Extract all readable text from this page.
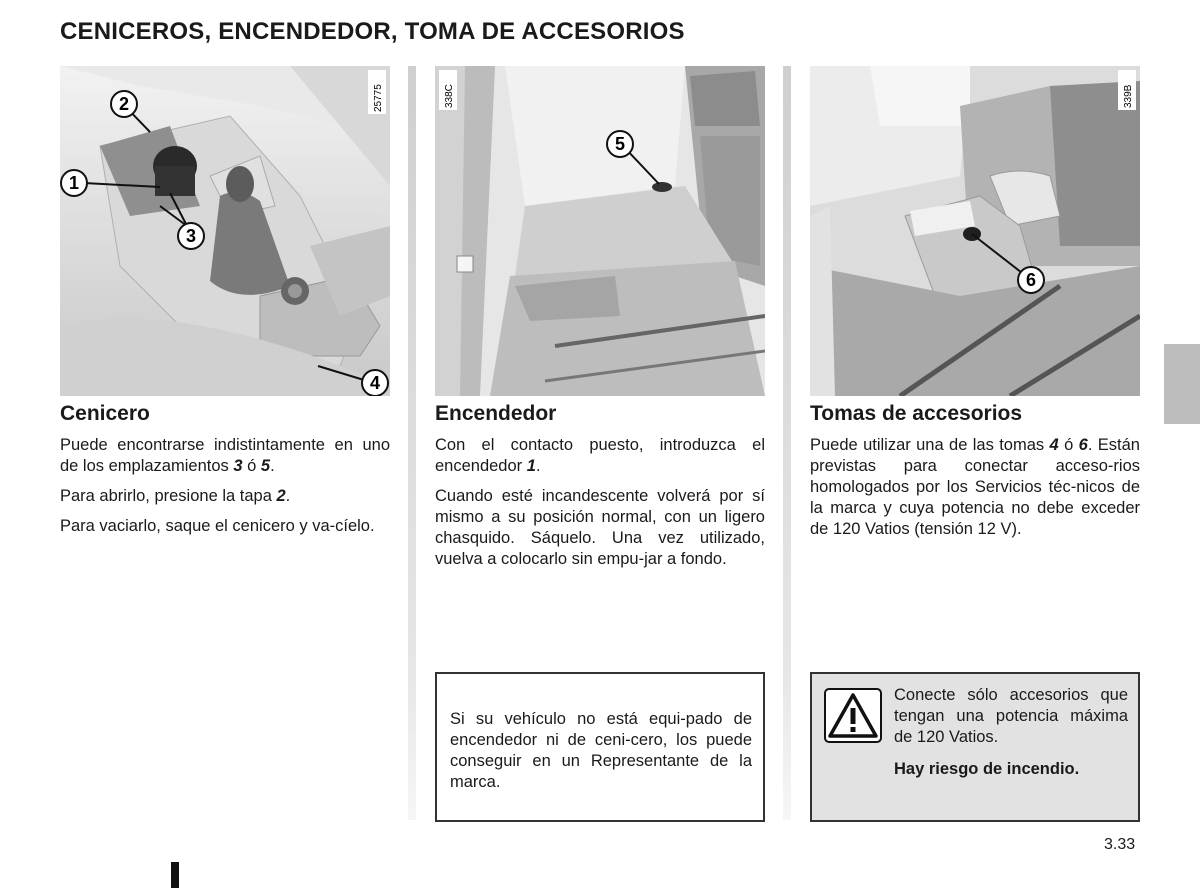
CENICEROS, ENCENDEDOR, TOMA DE ACCESORIOS
2
1
3
4
25775
5
338C
6
339B
Cenicero

Puede encontrarse indistintamente en uno de los emplazamientos 3 ó 5.

Para abrirlo, presione la tapa 2.

Para vaciarlo, saque el cenicero y va-cíelo.

Encendedor

Con el contacto puesto, introduzca el encendedor 1.

Cuando esté incandescente volverá por sí mismo a su posición normal, con un ligero chasquido. Sáquelo. Una vez utilizado, vuelva a colocarlo sin empu-jar a fondo.

Tomas de accesorios

Puede utilizar una de las tomas 4 ó 6. Están previstas para conectar acceso-rios homologados por los Servicios téc-nicos de la marca y cuya potencia no debe exceder de 120 Vatios (tensión 12 V).

Si su vehículo no está equi-pado de encendedor ni de ceni-cero, los puede conseguir en un Representante de la marca.
Conecte sólo accesorios que tengan una potencia máxima de 120 Vatios.
Hay riesgo de incendio.
3.33
